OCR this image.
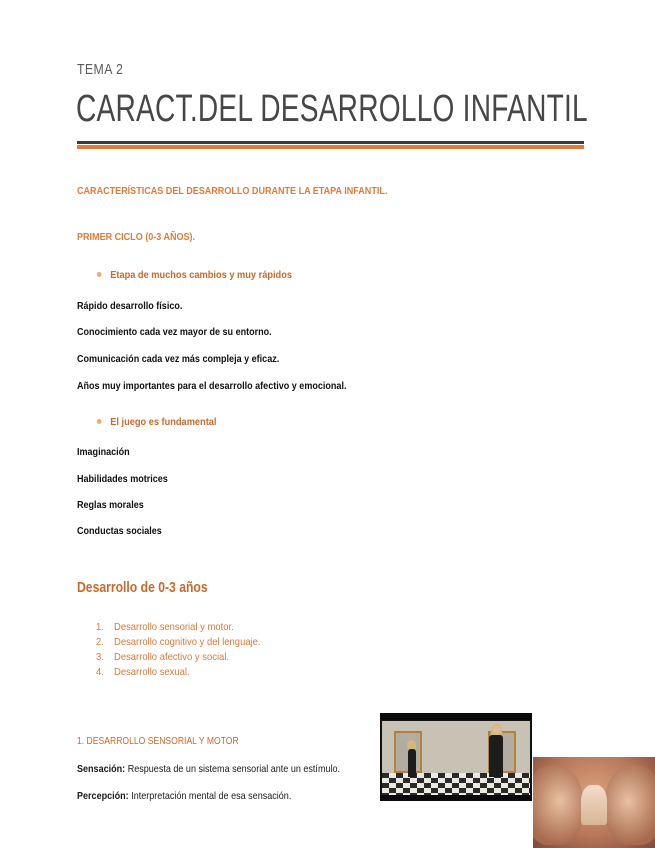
TEMA 2
CARACT.DEL DESARROLLO INFANTIL
CARACTERÍSTICAS DEL DESARROLLO DURANTE LA ETAPA INFANTIL.
PRIMER CICLO (0-3 AÑOS).
Etapa de muchos cambios y muy rápidos
Rápido desarrollo físico.
Conocimiento cada vez mayor de su entorno.
Comunicación cada vez más compleja y eficaz.
Años muy importantes para el desarrollo afectivo y emocional.
El juego es fundamental
Imaginación
Habilidades motrices
Reglas morales
Conductas sociales
Desarrollo de 0-3 años
1. Desarrollo sensorial y motor.
2. Desarrollo cognitivo y del lenguaje.
3. Desarrollo afectivo y social.
4. Desarrollo sexual.
1. DESARROLLO SENSORIAL Y MOTOR
Sensación: Respuesta de un sistema sensorial ante un estímulo.
Percepción: Interpretación mental de esa sensación.
